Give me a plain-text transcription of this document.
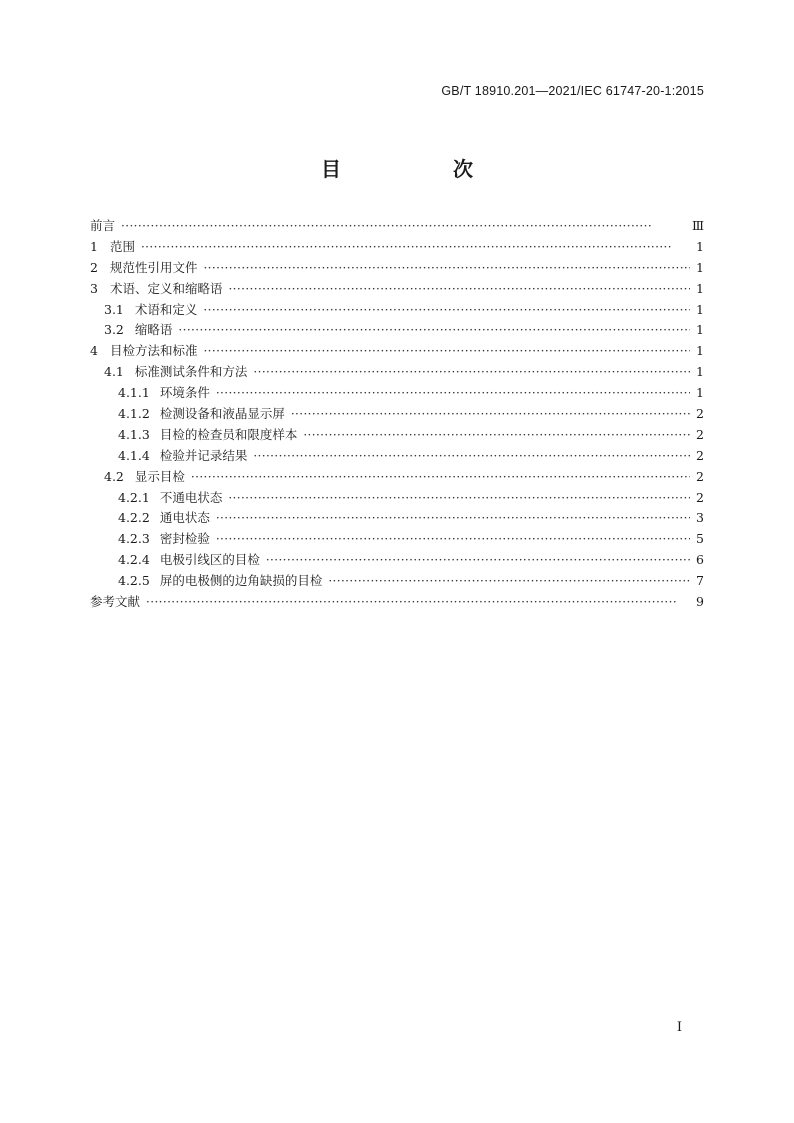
GB/T 18910.201—2021/IEC 61747-20-1:2015
目　次
前言 ·····	Ⅲ
1 范围 ·····	1
2 规范性引用文件 ·····	1
3 术语、定义和缩略语 ·····	1
3.1 术语和定义 ·····	1
3.2 缩略语 ·····	1
4 目检方法和标准 ·····	1
4.1 标准测试条件和方法 ·····	1
4.1.1 环境条件 ·····	1
4.1.2 检测设备和液晶显示屏 ·····	2
4.1.3 目检的检查员和限度样本 ·····	2
4.1.4 检验并记录结果 ·····	2
4.2 显示目检 ·····	2
4.2.1 不通电状态 ·····	2
4.2.2 通电状态 ·····	3
4.2.3 密封检验 ·····	5
4.2.4 电极引线区的目检 ·····	6
4.2.5 屏的电极侧的边角缺损的目检 ·····	7
参考文献 ·····	9
I
